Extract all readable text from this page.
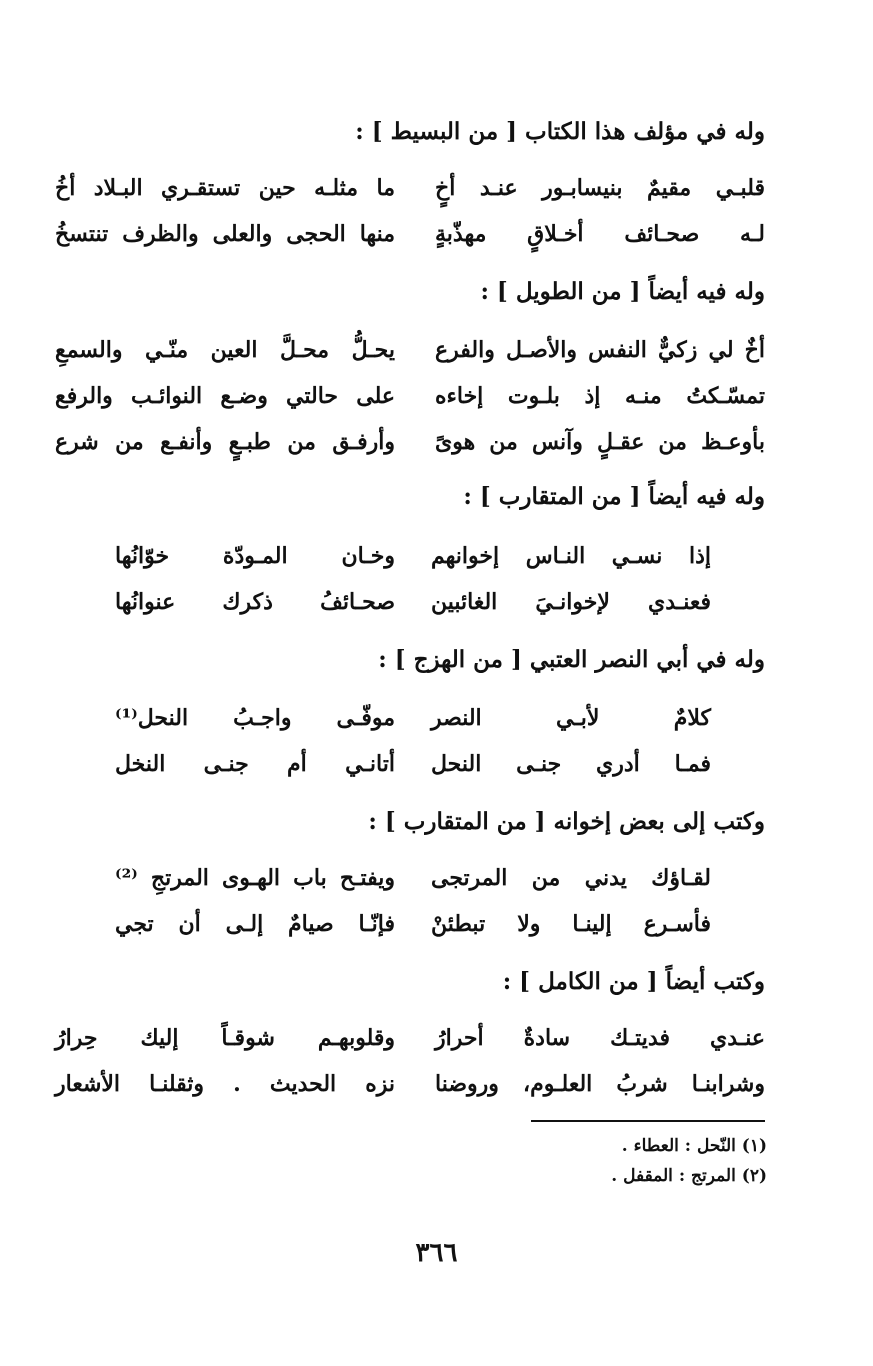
وله في مؤلف هذا الكتاب [ من البسيط ] :
قلبـي مقيمٌ بنيسابـور عنـد أخٍ
ما مثلـه حين تستقـري البـلاد أخُ
لـه صحـائف أخـلاقٍ مهذّبةٍ
منها الحجى والعلى والظرف تنتسخُ
وله فيه أيضاً [ من الطويل ] :
أخٌ لي زكيٌّ النفس والأصـل والفرع
يحـلُّ محـلَّ العين منّـي والسمعِ
تمسّـكتُ منـه إذ بلـوت إخاءه
على حالتي وضـع النوائـب والرفع
بأوعـظ من عقـلٍ وآنس من هوىً
وأرفـق من طبـعٍ وأنفـع من شرع
وله فيه أيضاً [ من المتقارب ] :
إذا نسـي النـاس إخوانهم
وخـان المـودّة خوّانُها
فعنـدي لإخوانـيَ الغائبين
صحـائفُ ذكرك عنوانُها
وله في أبي النصر العتبي [ من الهزج ] :
كلامٌ لأبـي النصر
موفّـى واجـبُ النحل⁽¹⁾
فمـا أدري جنـى النحل
أتانـي أم جنـى النخل
وكتب إلى بعض إخوانه [ من المتقارب ] :
لقـاؤك يدني من المرتجى
ويفتـح باب الهـوى المرتجِ ⁽²⁾
فأسـرع إلينـا ولا تبطئنْ
فإنّـا صيامٌ إلـى أن تجي
وكتب أيضاً [ من الكامل ] :
عنـدي فديتـك سادةٌ أحرارُ
وقلوبهـم شوقـاً إليك حِرارُ
وشرابنـا شربُ العلـوم، وروضنا
نزه الحديث . وثقلنـا الأشعار
(١) النّحل : العطاء .
(٢) المرتج : المقفل .
٣٦٦
